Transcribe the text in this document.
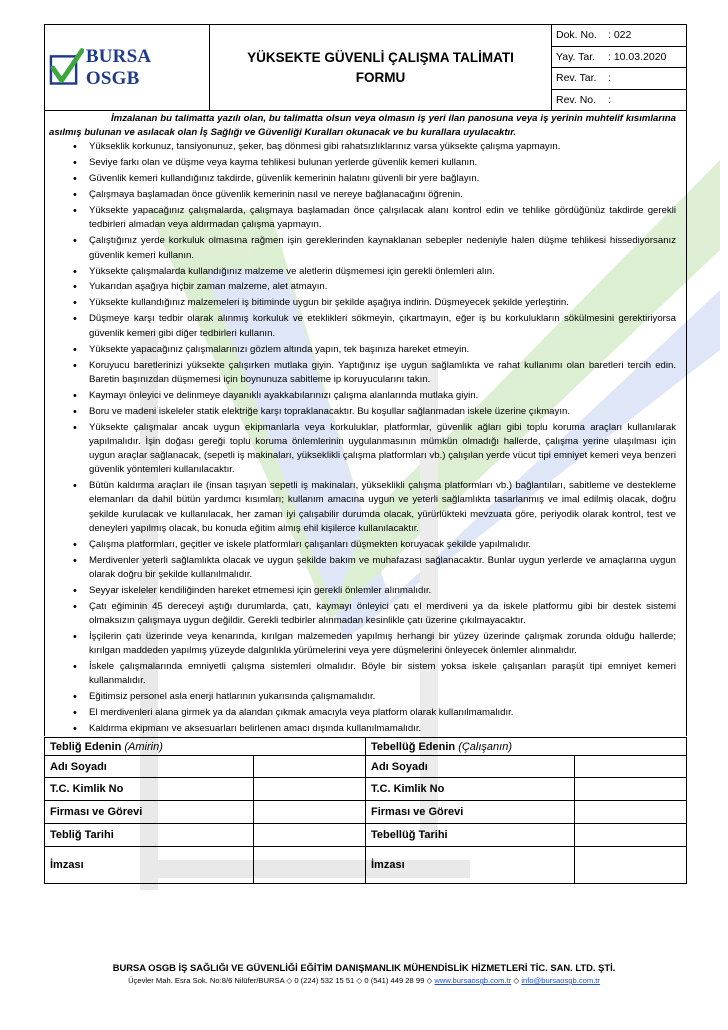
BURSA OSGB

YÜKSEKTE GÜVENLİ ÇALIŞMA TALİMATI
FORMU
	Dok. No. : 022
Yay. Tar. : 10.03.2020
Rev. Tar. :
Rev. No. :

İmzalanan bu talimatta yazılı olan, bu talimatta olsun veya olmasın iş yeri ilan panosuna veya iş yerinin muhtelif kısımlarına asılmış bulunan ve asılacak olan İş Sağlığı ve Güvenliği Kuralları okunacak ve bu kurallara uyulacaktır.

• Yükseklik korkunuz, tansiyonunuz, şeker, baş dönmesi gibi rahatsızlıklarınız varsa yüksekte çalışma yapmayın.
• Seviye farkı olan ve düşme veya kayma tehlikesi bulunan yerlerde güvenlik kemeri kullanın.
• Güvenlik kemeri kullandığınız takdirde, güvenlik kemerinin halatını güvenli bir yere bağlayın.
• Çalışmaya başlamadan önce güvenlik kemerinin nasıl ve nereye bağlanacağını öğrenin.
• Yüksekte yapacağınız çalışmalarda, çalışmaya başlamadan önce çalışılacak alanı kontrol edin ve tehlike gördüğünüz takdirde gerekli tedbirleri almadan veya aldırmadan çalışma yapmayın.
• Çalıştığınız yerde korkuluk olmasına rağmen işin gereklerinden kaynaklanan sebepler nedeniyle halen düşme tehlikesi hissediyorsanız güvenlik kemeri kullanın.
• Yüksekte çalışmalarda kullandığınız malzeme ve aletlerin düşmemesi için gerekli önlemleri alın.
• Yukarıdan aşağıya hiçbir zaman malzeme, alet atmayın.
• Yüksekte kullandığınız malzemeleri iş bitiminde uygun bir şekilde aşağıya indirin. Düşmeyecek şekilde yerleştirin.
• Düşmeye karşı tedbir olarak alınmış korkuluk ve eteklikleri sökmeyin, çıkartmayın, eğer iş bu korkulukların sökülmesini gerektiriyorsa güvenlik kemeri gibi diğer tedbirleri kullanın.
• Yüksekte yapacağınız çalışmalarınızı gözlem altında yapın, tek başınıza hareket etmeyin.
• Koruyucu baretlerinizi yüksekte çalışırken mutlaka giyin. Yaptığınız işe uygun sağlamlıkta ve rahat kullanımı olan baretleri tercih edin. Baretin başınızdan düşmemesi için boynunuza sabitleme ip koruyucularını takın.
• Kaymayı önleyici ve delinmeye dayanıklı ayakkabılarınızı çalışma alanlarında mutlaka giyin.
• Boru ve madeni iskeleler statik elektriğe karşı topraklanacaktır. Bu koşullar sağlanmadan iskele üzerine çıkmayın.
• Yüksekte çalışmalar ancak uygun ekipmanlarla veya korkuluklar, platformlar, güvenlik ağları gibi toplu koruma araçları kullanılarak yapılmalıdır. İşin doğası gereği toplu koruma önlemlerinin uygulanmasının mümkün olmadığı hallerde, çalışma yerine ulaşılması için uygun araçlar sağlanacak, (sepetli iş makinaları, yükseklikli çalışma platformları vb.) çalışılan yerde vücut tipi emniyet kemeri veya benzeri güvenlik yöntemleri kullanılacaktır.
• Bütün kaldırma araçları ile (insan taşıyan sepetli iş makinaları, yükseklikli çalışma platformları vb.) bağlantıları, sabitleme ve destekleme elemanları da dahil bütün yardımcı kısımları; kullanım amacına uygun ve yeterli sağlamlıkta tasarlanmış ve imal edilmiş olacak, doğru şekilde kurulacak ve kullanılacak, her zaman iyi çalışabilir durumda olacak, yürürlükteki mevzuata göre, periyodik olarak kontrol, test ve deneyleri yapılmış olacak, bu konuda eğitim almış ehil kişilerce kullanılacaktır.
• Çalışma platformları, geçitler ve iskele platformları çalışanları düşmekten koruyacak şekilde yapılmalıdır.
• Merdivenler yeterli sağlamlıkta olacak ve uygun şekilde bakım ve muhafazası sağlanacaktır. Bunlar uygun yerlerde ve amaçlarına uygun olarak doğru bir şekilde kullanılmalıdır.
• Seyyar iskeleler kendiliğinden hareket etmemesi için gerekli önlemler alınmalıdır.
• Çatı eğiminin 45 dereceyi aştığı durumlarda, çatı, kaymayı önleyici çatı el merdiveni ya da iskele platformu gibi bir destek sistemi olmaksızın çalışmaya uygun değildir. Gerekli tedbirler alınmadan kesinlikle çatı üzerine çıkılmayacaktır.
• İşçilerin çatı üzerinde veya kenarında, kırılgan malzemeden yapılmış herhangi bir yüzey üzerinde çalışmak zorunda olduğu hallerde; kırılgan maddeden yapılmış yüzeyde dalgınlıkla yürümelerini veya yere düşmelerini önleyecek önlemler alınmalıdır.
• İskele çalışmalarında emniyetli çalışma sistemleri olmalıdır. Böyle bir sistem yoksa iskele çalışanları paraşüt tipi emniyet kemeri kullanmalıdır.
• Eğitimsiz personel asla enerji hatlarının yukarısında çalışmamalıdır.
• El merdivenleri alana girmek ya da alandan çıkmak amacıyla veya platform olarak kullanılmamalıdır.
• Kaldırma ekipmanı ve aksesuarları belirlenen amacı dışında kullanılmamalıdır.
Tebliğ Edenin (Amirin)		Tebellüğ Edenin (Çalışanın)	
Adı Soyadı		Adı Soyadı	
T.C. Kimlik No		T.C. Kimlik No	
Firması ve Görevi		Firması ve Görevi	
Tebliğ Tarihi		Tebellüğ Tarihi	
İmzası		İmzası	
BURSA OSGB İŞ SAĞLIĞI VE GÜVENLİĞİ EĞİTİM DANIŞMANLIK MÜHENDİSLİK HİZMETLERİ TİC. SAN. LTD. ŞTİ.
Üçevler Mah. Esra Sok. No:8/6 Nilüfer/BURSA ◇ 0 (224) 532 15 51 ◇ 0 (541) 449 28 99 ◇ www.bursaosgb.com.tr ◇ info@bursaosgb.com.tr
